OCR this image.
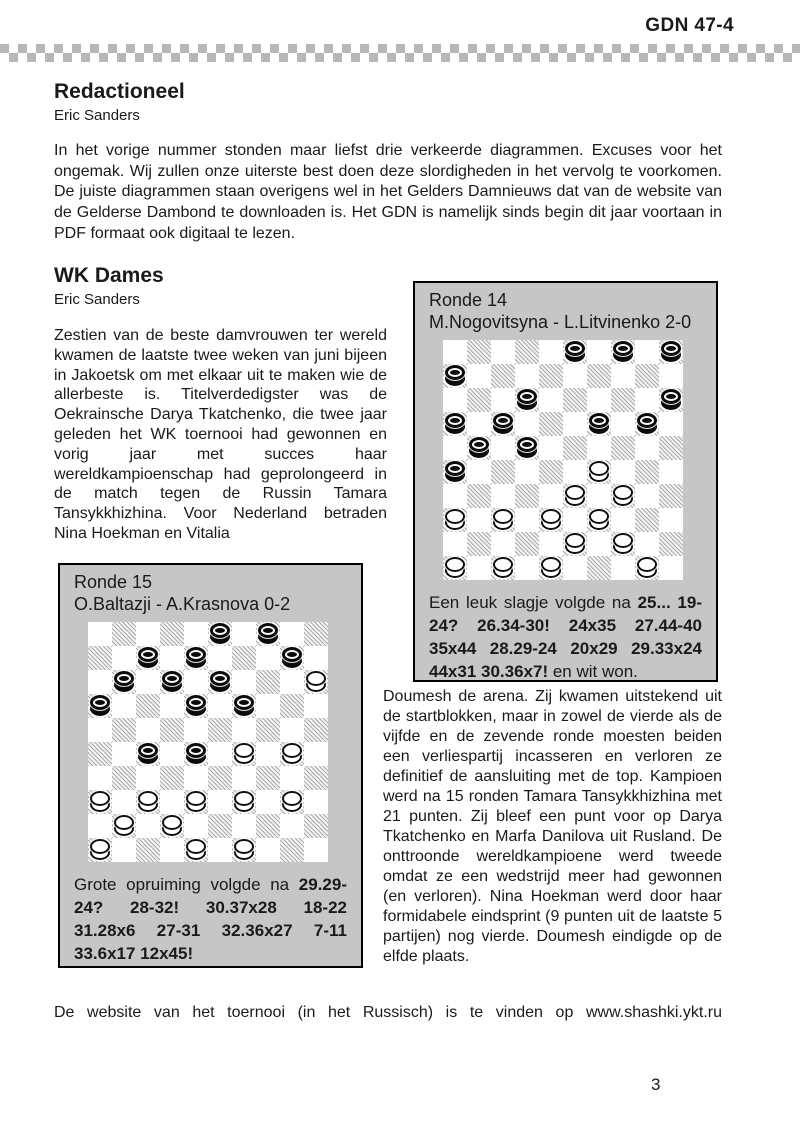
GDN 47-4
Redactioneel
Eric Sanders

In het vorige nummer stonden maar liefst drie verkeerde diagrammen. Excuses voor het ongemak. Wij zullen onze uiterste best doen deze slordigheden in het vervolg te voorkomen. De juiste diagrammen staan overigens wel in het Gelders Damnieuws dat van de website van de Gelderse Dambond te downloaden is. Het GDN is namelijk sinds begin dit jaar voortaan in PDF formaat ook digitaal te lezen.

WK Dames
Eric Sanders

Zestien van de beste damvrouwen ter wereld kwamen de laatste twee weken van juni bijeen in Jakoetsk om met elkaar uit te maken wie de allerbeste is. Titelverdedigster was de Oekrainsche Darya Tkatchenko, die twee jaar geleden het WK toernooi had gewonnen en vorig jaar met succes haar wereldkampioenschap had geprolongeerd in de match tegen de Russin Tamara Tansykkhizhina. Voor Nederland betraden Nina Hoekman en Vitalia

Doumesh de arena. Zij kwamen uitstekend uit de startblokken, maar in zowel de vierde als de vijfde en de zevende ronde moesten beiden een verliespartij incasseren en verloren ze definitief de aansluiting met de top. Kampioen werd na 15 ronden Tamara Tansykkhizhina met 21 punten. Zij bleef een punt voor op Darya Tkatchenko en Marfa Danilova uit Rusland. De onttroonde wereldkampioene werd tweede omdat ze een wedstrijd meer had gewonnen (en verloren). Nina Hoekman werd door haar formidabele eindsprint (9 punten uit de laatste 5 partijen) nog vierde. Doumesh eindigde op de elfde plaats.

Ronde 14
M.Nogovitsyna - L.Litvinenko 2-0

Een leuk slagje volgde na 25... 19-24? 26.34-30! 24x35 27.44-40 35x44 28.29-24 20x29 29.33x24 44x31 30.36x7! en wit won.

Ronde 15
O.Baltazji - A.Krasnova 0-2

Grote opruiming volgde na 29.29-24? 28-32! 30.37x28 18-22 31.28x6 27-31 32.36x27 7-11 33.6x17 12x45!

De website van het toernooi (in het Russisch) is te vinden op www.shashki.ykt.ru

3
